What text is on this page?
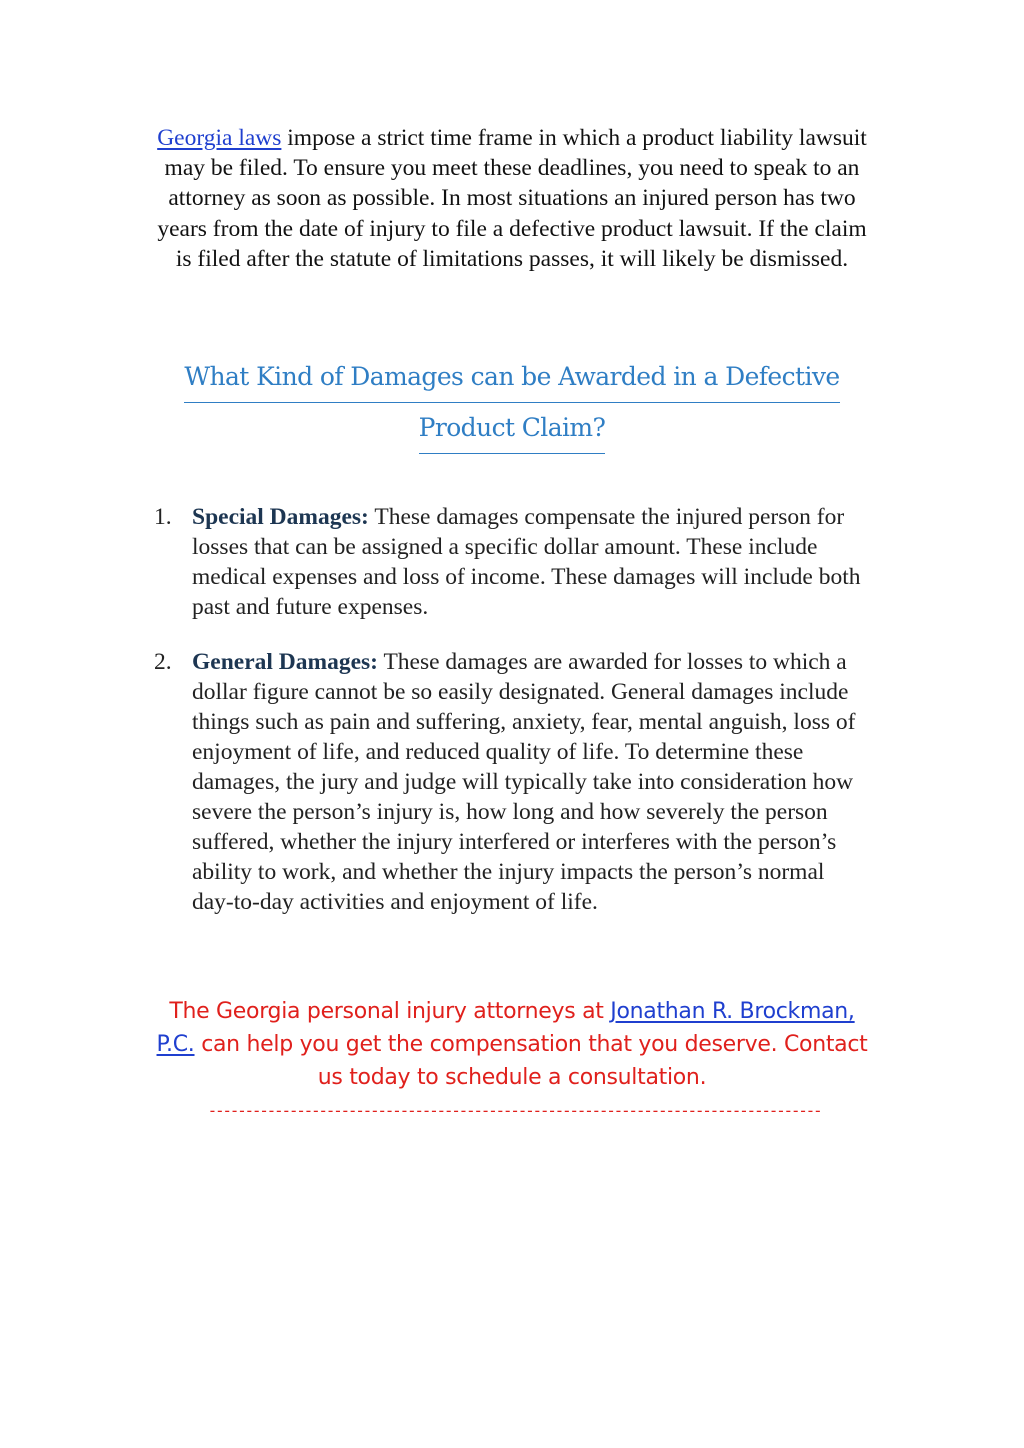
Georgia laws impose a strict time frame in which a product liability lawsuit may be filed. To ensure you meet these deadlines, you need to speak to an attorney as soon as possible. In most situations an injured person has two years from the date of injury to file a defective product lawsuit. If the claim is filed after the statute of limitations passes, it will likely be dismissed.

What Kind of Damages can be Awarded in a Defective
Product Claim?
1. Special Damages: These damages compensate the injured person for losses that can be assigned a specific dollar amount. These include medical expenses and loss of income. These damages will include both past and future expenses.
2. General Damages: These damages are awarded for losses to which a dollar figure cannot be so easily designated. General damages include things such as pain and suffering, anxiety, fear, mental anguish, loss of enjoyment of life, and reduced quality of life. To determine these damages, the jury and judge will typically take into consideration how severe the person’s injury is, how long and how severely the person suffered, whether the injury interfered or interferes with the person’s ability to work, and whether the injury impacts the person’s normal day-to-day activities and enjoyment of life.

The Georgia personal injury attorneys at Jonathan R. Brockman, P.C. can help you get the compensation that you deserve. Contact us today to schedule a consultation.

-----------------------------------------------------------------------------------
